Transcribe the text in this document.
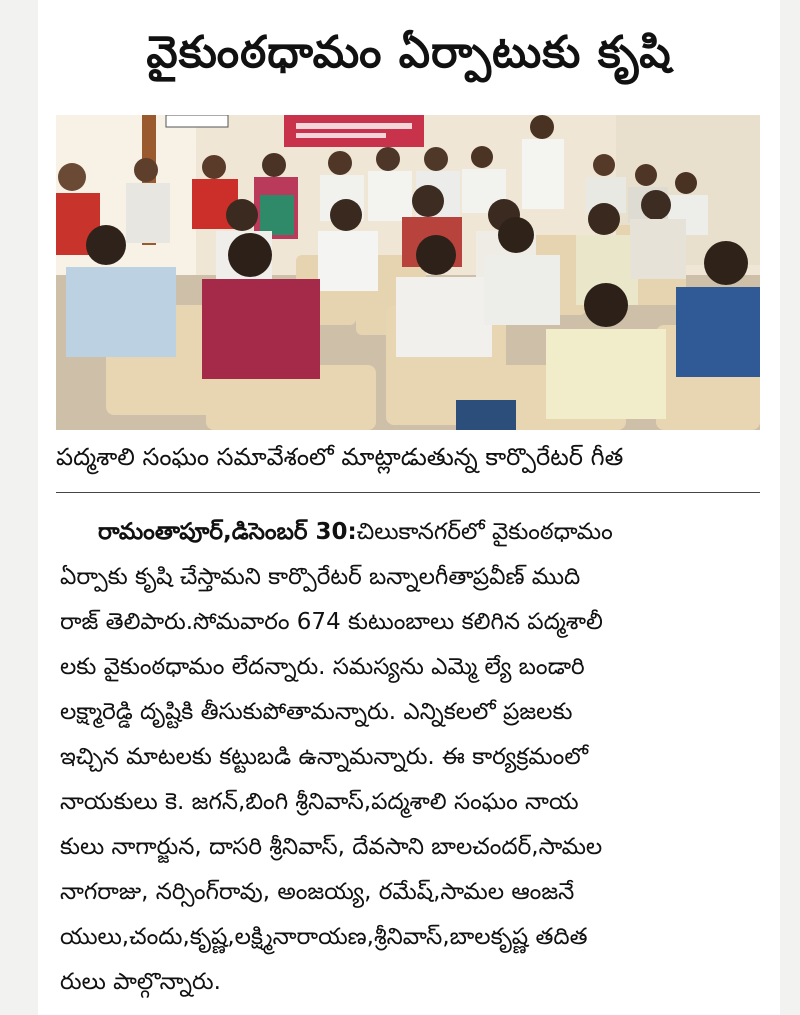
వైకుంఠధామం ఏర్పాటుకు కృషి
పద్మశాలి సంఘం సమావేశంలో మాట్లాడుతున్న కార్పొరేటర్ గీత
రామంతాపూర్,డిసెంబర్ 30:చిలుకానగర్‌లో వైకుంఠధామం
ఏర్పాకు కృషి చేస్తామని కార్పొరేటర్ బన్నాలగీతాప్రవీణ్ ముది
రాజ్ తెలిపారు.సోమవారం 674 కుటుంబాలు కలిగిన పద్మశాలీ
లకు వైకుంఠధామం లేదన్నారు. సమస్యను ఎమ్మె ల్యే బండారి
లక్ష్మారెడ్డి దృష్టికి తీసుకుపోతామన్నారు. ఎన్నికలలో ప్రజలకు
ఇచ్చిన మాటలకు కట్టుబడి ఉన్నామన్నారు. ఈ కార్యక్రమంలో
నాయకులు కె. జగన్,బింగి శ్రీనివాస్,పద్మశాలి సంఘం నాయ
కులు నాగార్జున, దాసరి శ్రీనివాస్, దేవసాని బాలచందర్,సామల
నాగరాజు, నర్సింగ్‌రావు, అంజయ్య, రమేష్,సామల ఆంజనే
యులు,చందు,కృష్ణ,లక్ష్మినారాయణ,శ్రీనివాస్,బాలకృష్ణ తదిత
రులు పాల్గొన్నారు.
